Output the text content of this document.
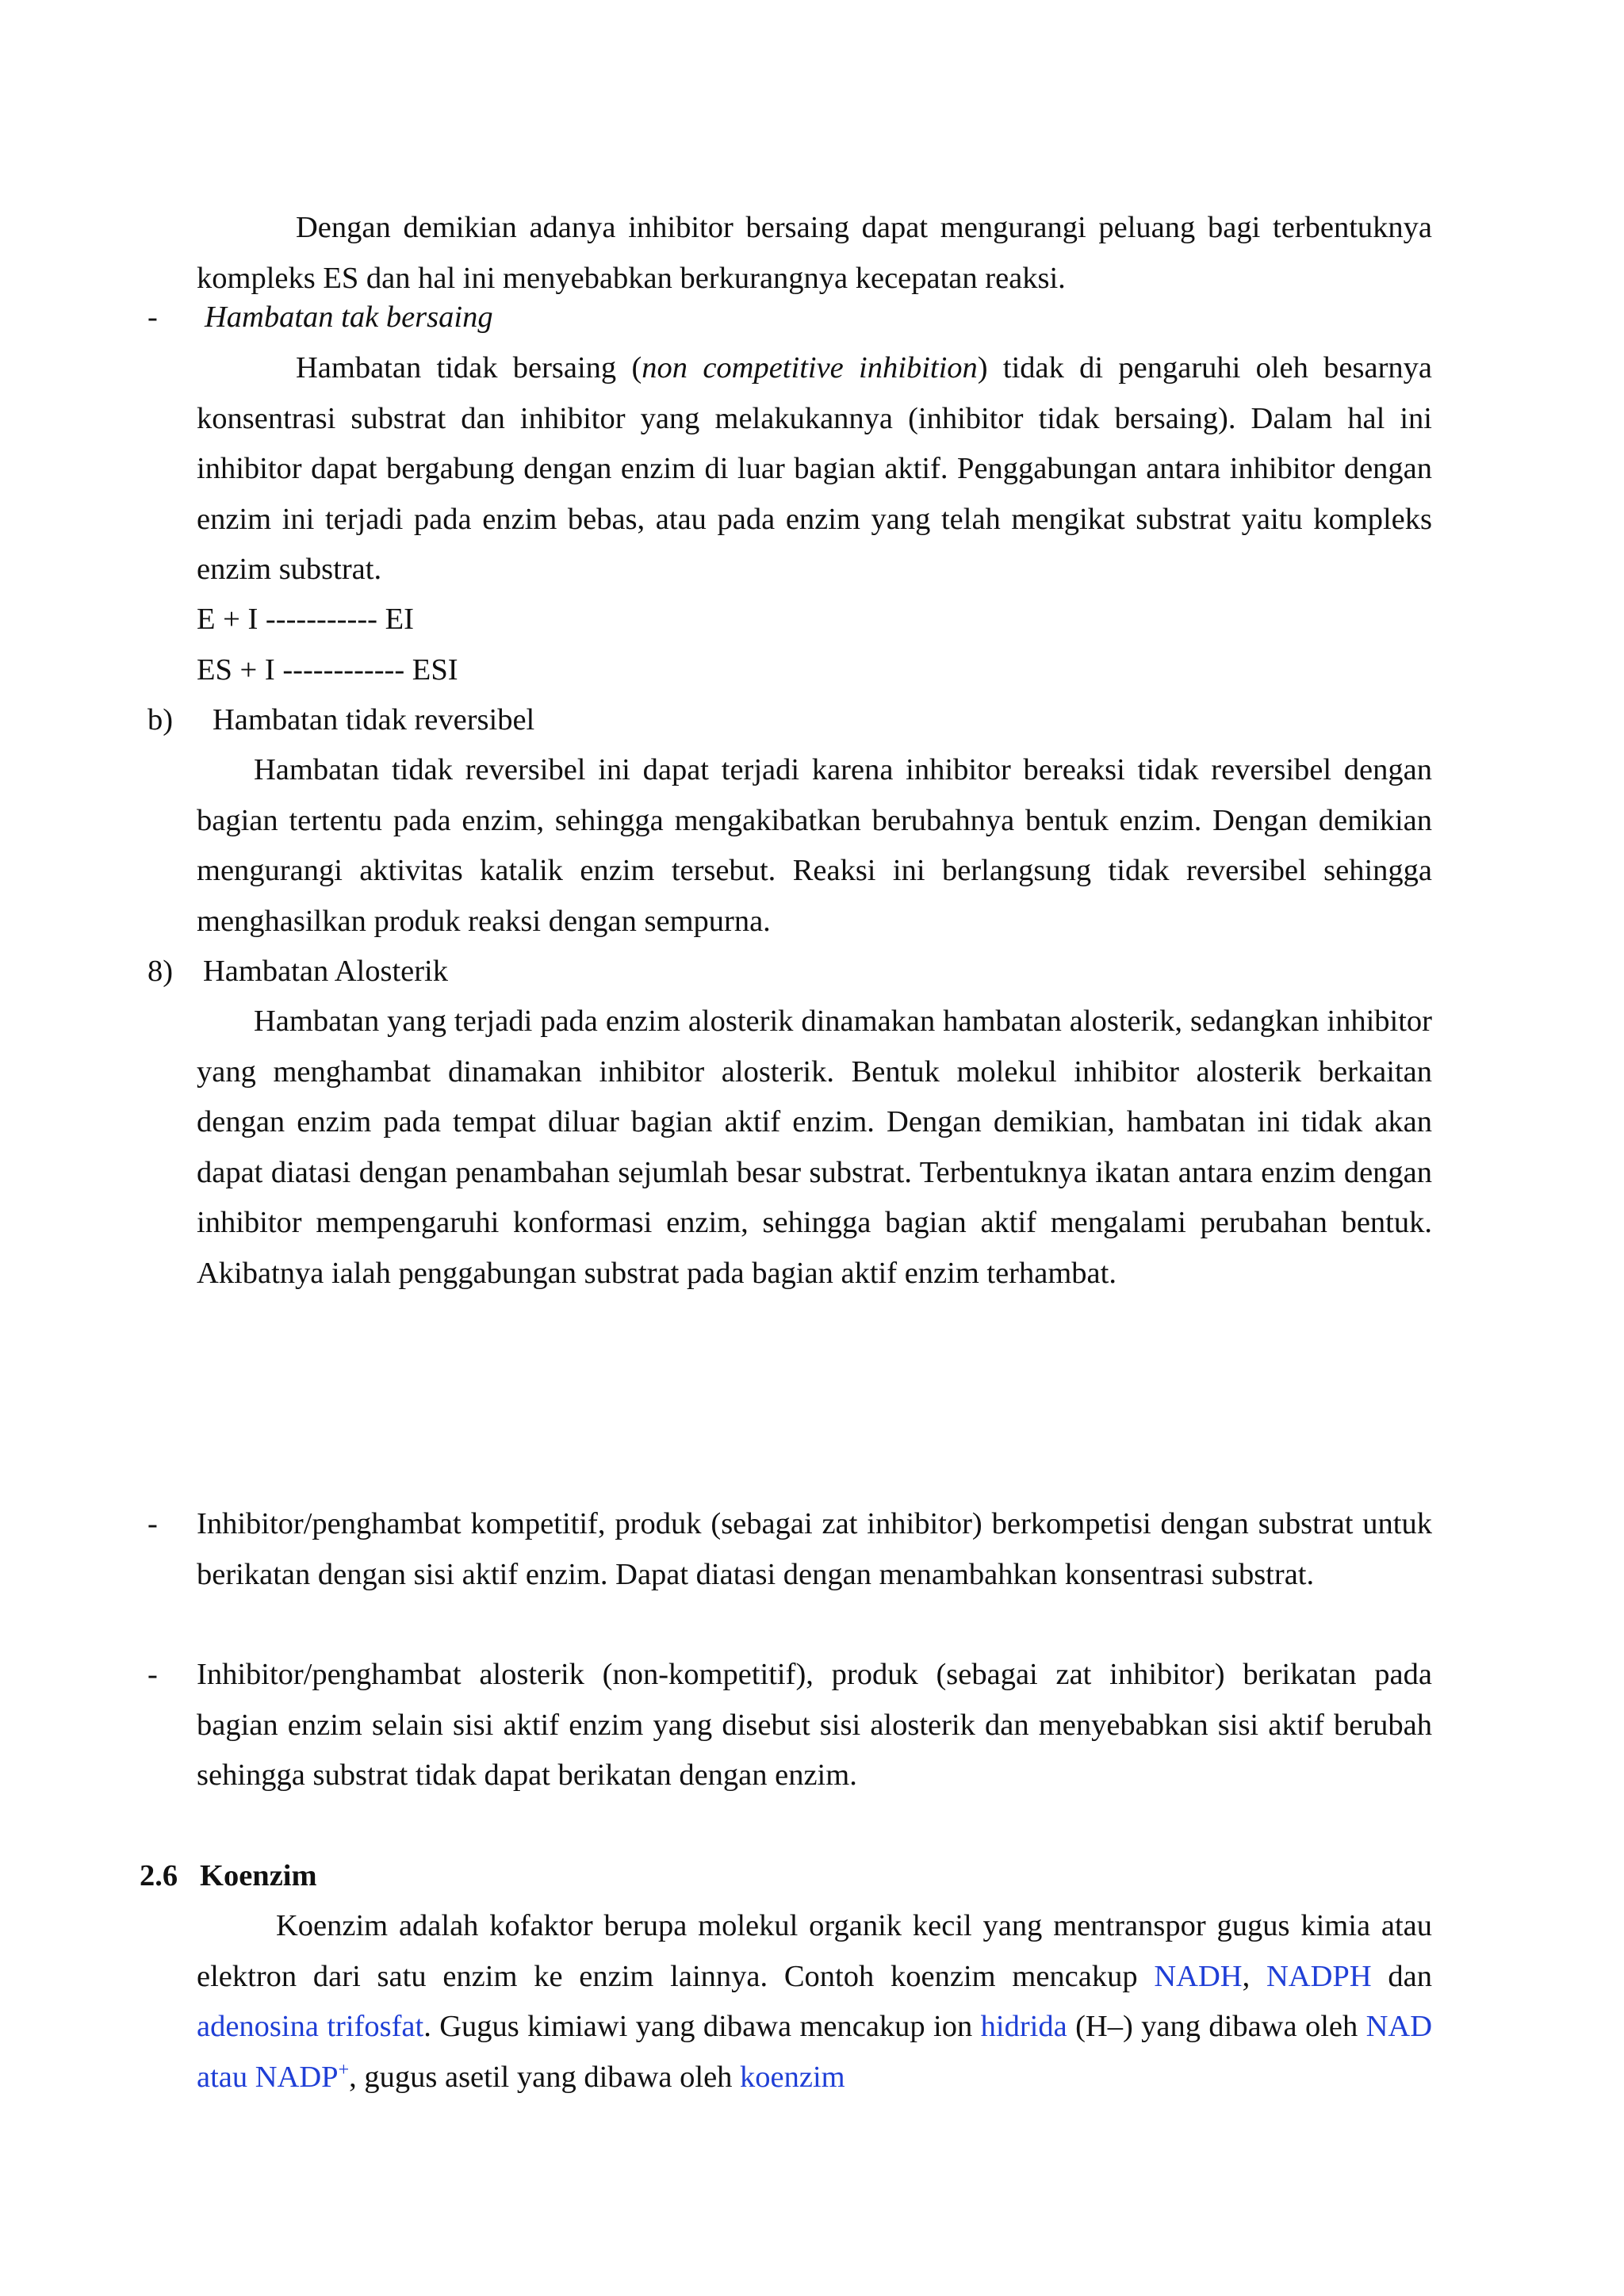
Dengan demikian adanya inhibitor bersaing dapat mengurangi peluang bagi terbentuknya kompleks ES dan hal ini menyebabkan berkurangnya kecepatan reaksi.

- Hambatan tak bersaing

Hambatan tidak bersaing (non competitive inhibition) tidak di pengaruhi oleh besarnya konsentrasi substrat dan inhibitor yang melakukannya (inhibitor tidak bersaing). Dalam hal ini inhibitor dapat bergabung dengan enzim di luar bagian aktif. Penggabungan antara inhibitor dengan enzim ini terjadi pada enzim bebas, atau pada enzim yang telah mengikat substrat yaitu kompleks enzim substrat.

E + I ----------- EI
ES + I ------------ ESI
b) Hambatan tidak reversibel

Hambatan tidak reversibel ini dapat terjadi karena inhibitor bereaksi tidak reversibel dengan bagian tertentu pada enzim, sehingga mengakibatkan berubahnya bentuk enzim. Dengan demikian mengurangi aktivitas katalik enzim tersebut. Reaksi ini berlangsung tidak reversibel sehingga menghasilkan produk reaksi dengan sempurna.

8) Hambatan Alosterik

Hambatan yang terjadi pada enzim alosterik dinamakan hambatan alosterik, sedangkan inhibitor yang menghambat dinamakan inhibitor alosterik. Bentuk molekul inhibitor alosterik berkaitan dengan enzim pada tempat diluar bagian aktif enzim. Dengan demikian, hambatan ini tidak akan dapat diatasi dengan penambahan sejumlah besar substrat. Terbentuknya ikatan antara enzim dengan inhibitor mempengaruhi konformasi enzim, sehingga bagian aktif mengalami perubahan bentuk. Akibatnya ialah penggabungan substrat pada bagian aktif enzim terhambat.

- Inhibitor/penghambat kompetitif, produk (sebagai zat inhibitor) berkompetisi dengan substrat untuk berikatan dengan sisi aktif enzim. Dapat diatasi dengan menambahkan konsentrasi substrat.

- Inhibitor/penghambat alosterik (non-kompetitif), produk (sebagai zat inhibitor) berikatan pada bagian enzim selain sisi aktif enzim yang disebut sisi alosterik dan menyebabkan sisi aktif berubah sehingga substrat tidak dapat berikatan dengan enzim.

2.6 Koenzim

Koenzim adalah kofaktor berupa molekul organik kecil yang mentranspor gugus kimia atau elektron dari satu enzim ke enzim lainnya. Contoh koenzim mencakup NADH, NADPH dan adenosina trifosfat. Gugus kimiawi yang dibawa mencakup ion hidrida (H–) yang dibawa oleh NAD atau NADP+, gugus asetil yang dibawa oleh koenzim
